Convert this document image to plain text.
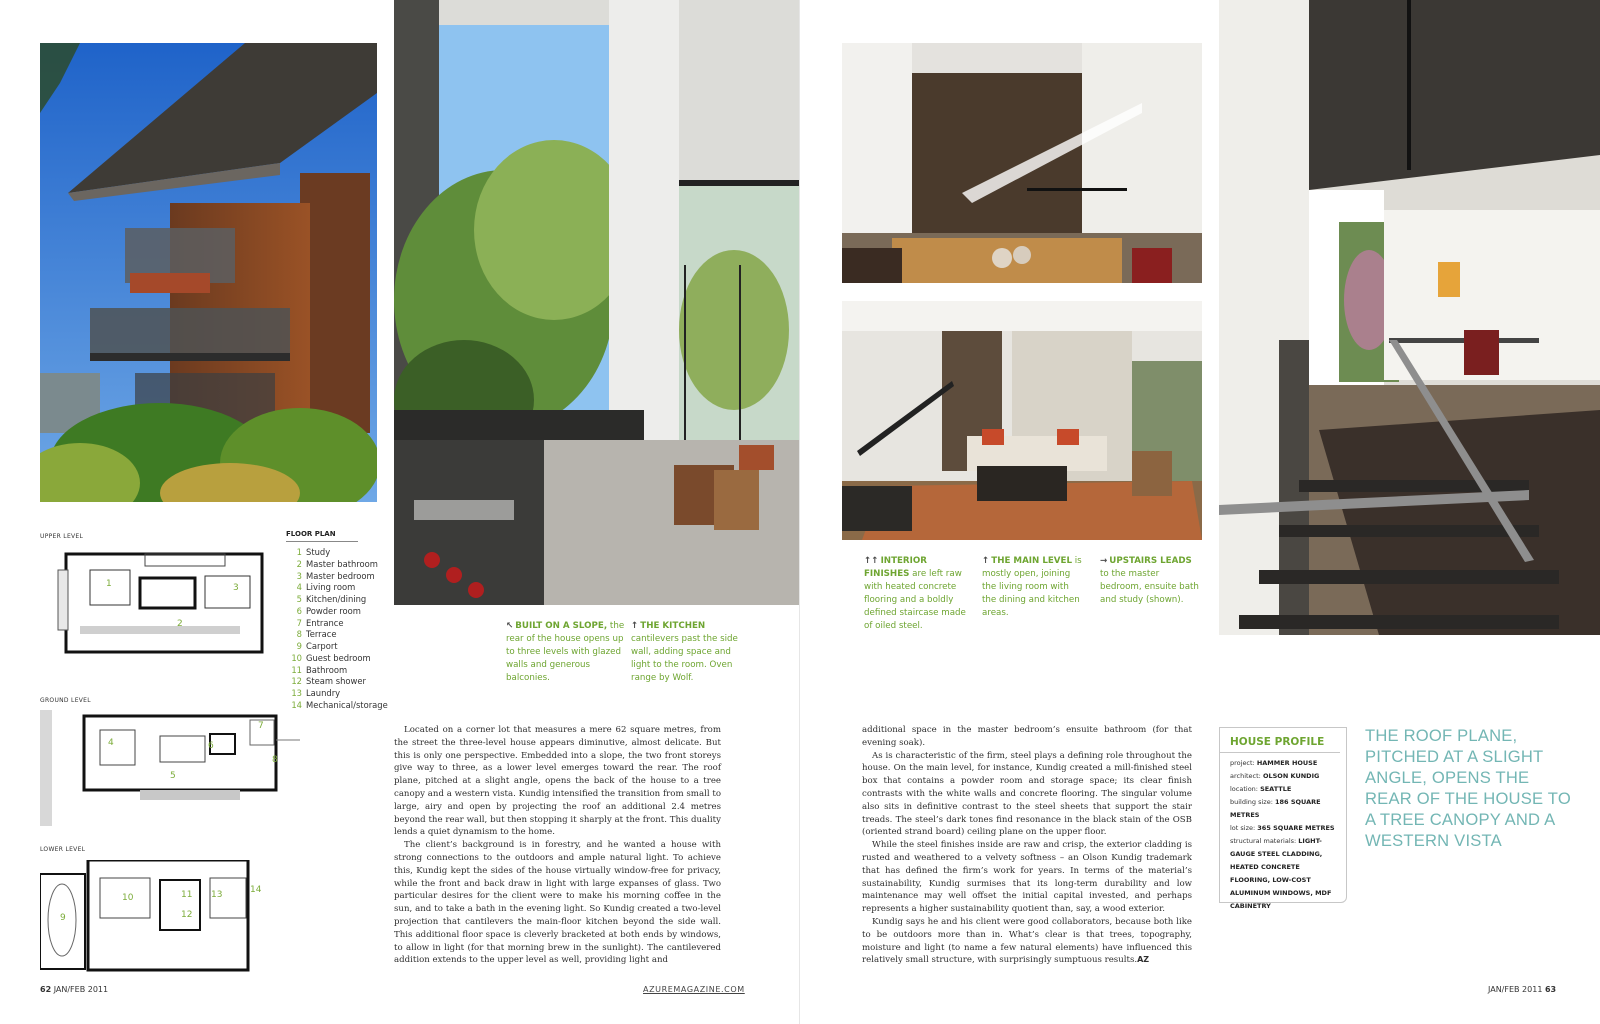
UPPER LEVEL
GROUND LEVEL
LOWER LEVEL
1
2
3
4
5
6
7
8
9
10	11
12
13	14
FLOOR PLAN
1 Study
2 Master bathroom
3 Master bedroom
4 Living room
5 Kitchen/dining
6 Powder room
7 Entrance
8 Terrace
9 Carport
10 Guest bedroom
11 Bathroom
12 Steam shower
13 Laundry
14 Mechanical/storage
↖ BUILT ON A SLOPE, the rear of the house opens up to three levels with glazed walls and generous balconies.
↑ THE KITCHEN cantilevers past the side wall, adding space and light to the room. Oven range by Wolf.
↑↑ INTERIOR FINISHES are left raw with heated concrete flooring and a boldly defined staircase made of oiled steel.
↑ THE MAIN LEVEL is mostly open, joining the living room with the dining and kitchen areas.
→ UPSTAIRS LEADS to the master bedroom, ensuite bath and study (shown).

Located on a corner lot that measures a mere 62 square metres, from the street the three-level house appears diminutive, almost delicate. But this is only one perspective. Embedded into a slope, the two front storeys give way to three, as a lower level emerges toward the rear. The roof plane, pitched at a slight angle, opens the back of the house to a tree canopy and a western vista. Kundig intensified the transition from small to large, airy and open by projecting the roof an additional 2.4 metres beyond the rear wall, but then stopping it sharply at the front. This duality lends a quiet dynamism to the home.

The client’s background is in forestry, and he wanted a house with strong connections to the outdoors and ample natural light. To achieve this, Kundig kept the sides of the house virtually window-free for privacy, while the front and back draw in light with large expanses of glass. Two particular desires for the client were to make his morning coffee in the sun, and to take a bath in the evening light. So Kundig created a two-level projection that cantilevers the main-floor kitchen beyond the side wall. This additional floor space is cleverly bracketed at both ends by windows, to allow in light (for that morning brew in the sunlight). The cantilevered addition extends to the upper level as well, providing light and

additional space in the master bedroom’s ensuite bathroom (for that evening soak).

As is characteristic of the firm, steel plays a defining role throughout the house. On the main level, for instance, Kundig created a mill-finished steel box that contains a powder room and storage space; its clear finish contrasts with the white walls and concrete flooring. The singular volume also sits in definitive contrast to the steel sheets that support the stair treads. The steel’s dark tones find resonance in the black stain of the OSB (oriented strand board) ceiling plane on the upper floor.

While the steel finishes inside are raw and crisp, the exterior cladding is rusted and weathered to a velvety softness – an Olson Kundig trademark that has defined the firm’s work for years. In terms of the material’s sustainability, Kundig surmises that its long-term durability and low maintenance may well offset the initial capital invested, and perhaps represents a higher sustainability quotient than, say, a wood exterior.

Kundig says he and his client were good collaborators, because both like to be outdoors more than in. What’s clear is that trees, topography, moisture and light (to name a few natural elements) have influenced this relatively small structure, with surprisingly sumptuous results.AZ

HOUSE PROFILE
project: HAMMER HOUSE
architect: OLSON KUNDIG
location: SEATTLE
building size: 186 SQUARE METRES
lot size: 365 SQUARE METRES
structural materials: LIGHT-GAUGE STEEL CLADDING, HEATED CONCRETE FLOORING, LOW-COST ALUMINUM WINDOWS, MDF CABINETRY
THE ROOF PLANE, PITCHED AT A SLIGHT ANGLE, OPENS THE REAR OF THE HOUSE TO A TREE CANOPY AND A WESTERN VISTA
62 JAN/FEB 2011	AZUREMAGAZINE.COM	JAN/FEB 2011 63
